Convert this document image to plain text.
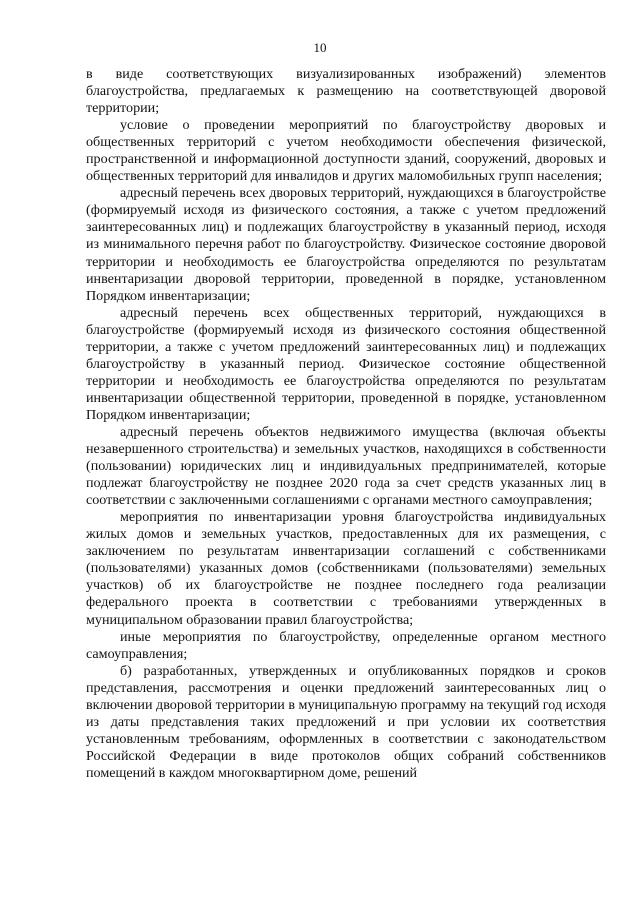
10

в виде соответствующих визуализированных изображений) элементов благоустройства, предлагаемых к размещению на соответствующей дворовой территории;

условие о проведении мероприятий по благоустройству дворовых и общественных территорий с учетом необходимости обеспечения физической, пространственной и информационной доступности зданий, сооружений, дворовых и общественных территорий для инвалидов и других маломобильных групп населения;

адресный перечень всех дворовых территорий, нуждающихся в благоустройстве (формируемый исходя из физического состояния, а также с учетом предложений заинтересованных лиц) и подлежащих благоустройству в указанный период, исходя из минимального перечня работ по благоустройству. Физическое состояние дворовой территории и необходимость ее благоустройства определяются по результатам инвентаризации дворовой территории, проведенной в порядке, установленном Порядком инвентаризации;

адресный перечень всех общественных территорий, нуждающихся в благоустройстве (формируемый исходя из физического состояния общественной территории, а также с учетом предложений заинтересованных лиц) и подлежащих благоустройству в указанный период. Физическое состояние общественной территории и необходимость ее благоустройства определяются по результатам инвентаризации общественной территории, проведенной в порядке, установленном Порядком инвентаризации;

адресный перечень объектов недвижимого имущества (включая объекты незавершенного строительства) и земельных участков, находящихся в собственности (пользовании) юридических лиц и индивидуальных предпринимателей, которые подлежат благоустройству не позднее 2020 года за счет средств указанных лиц в соответствии с заключенными соглашениями с органами местного самоуправления;

мероприятия по инвентаризации уровня благоустройства индивидуальных жилых домов и земельных участков, предоставленных для их размещения, с заключением по результатам инвентаризации соглашений с собственниками (пользователями) указанных домов (собственниками (пользователями) земельных участков) об их благоустройстве не позднее последнего года реализации федерального проекта в соответствии с требованиями утвержденных в муниципальном образовании правил благоустройства;

иные мероприятия по благоустройству, определенные органом местного самоуправления;

б) разработанных, утвержденных и опубликованных порядков и сроков представления, рассмотрения и оценки предложений заинтересованных лиц о включении дворовой территории в муниципальную программу на текущий год исходя из даты представления таких предложений и при условии их соответствия установленным требованиям, оформленных в соответствии с законодательством Российской Федерации в виде протоколов общих собраний собственников помещений в каждом многоквартирном доме, решений
